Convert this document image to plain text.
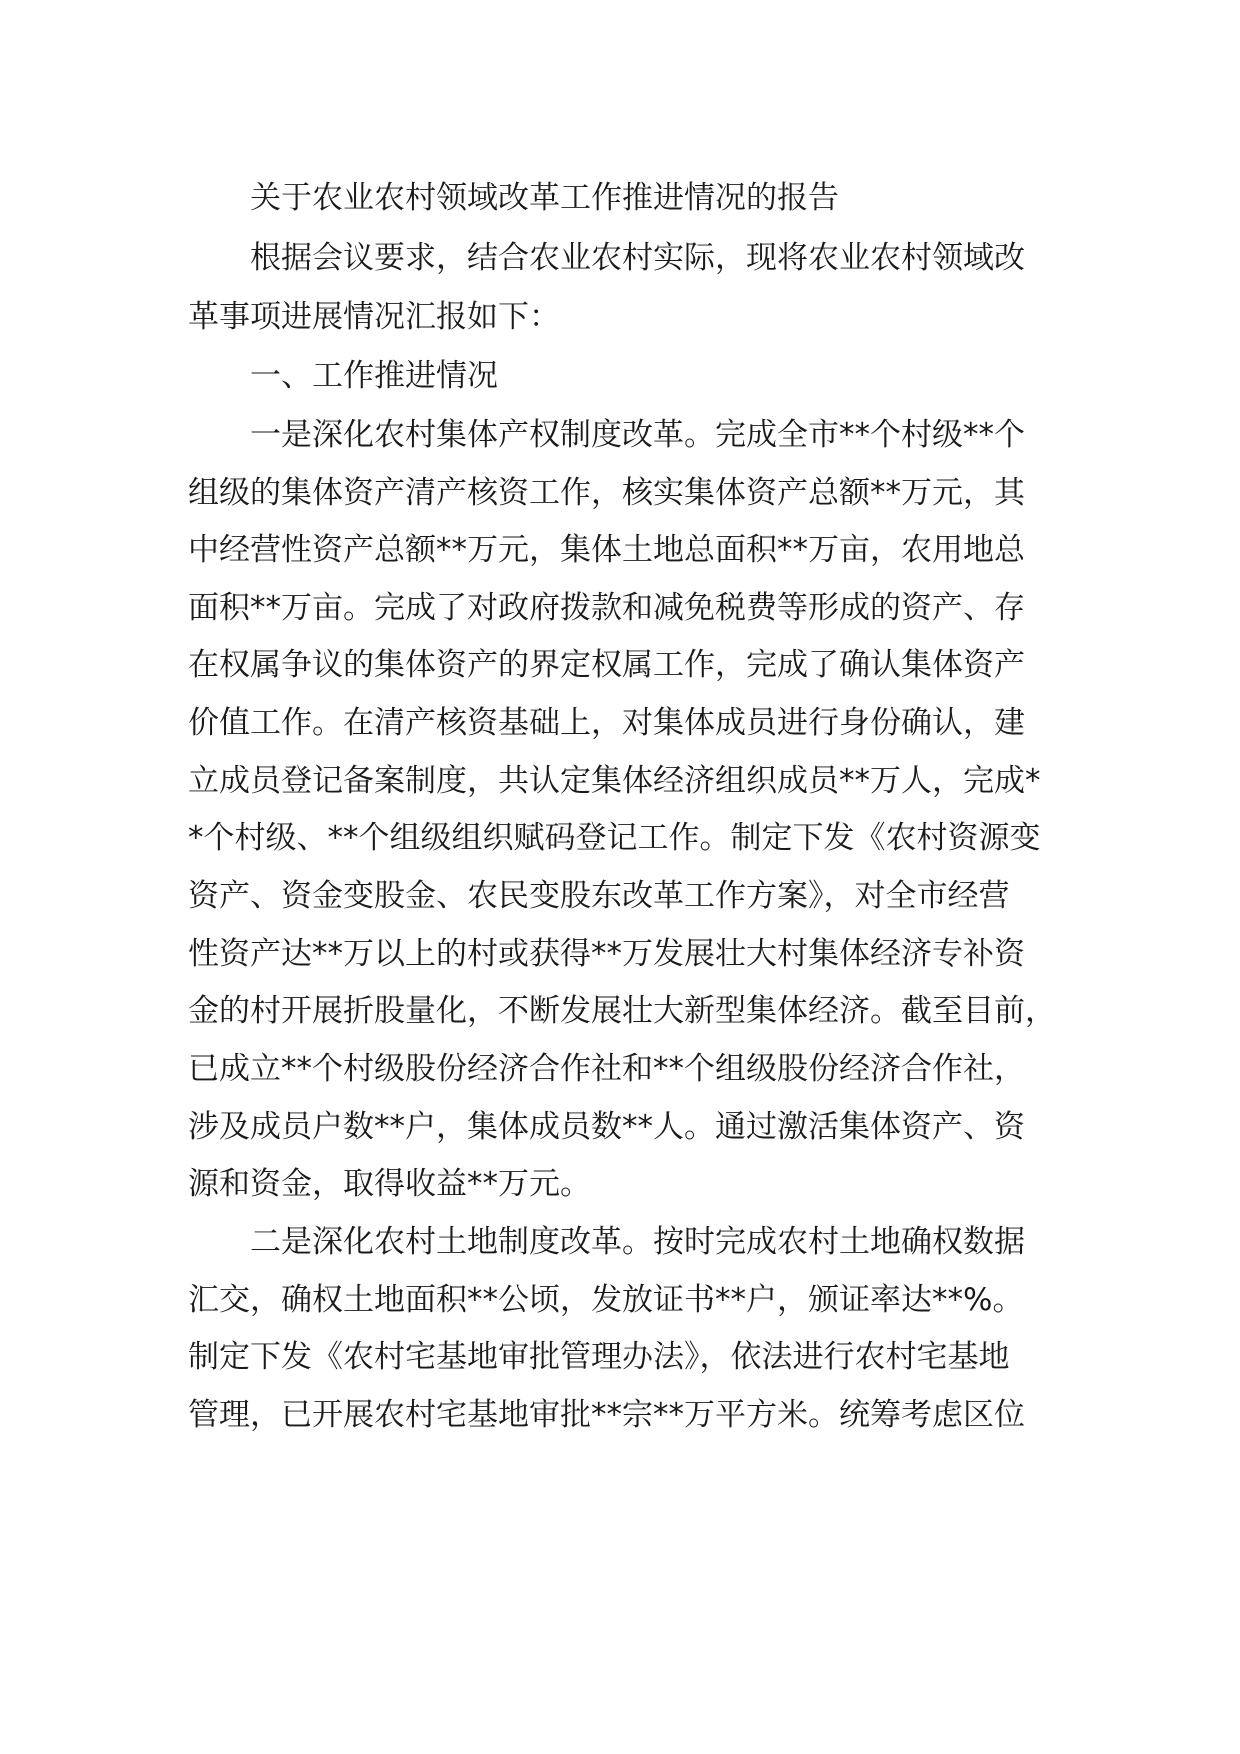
关于农业农村领域改革工作推进情况的报告
根据会议要求，结合农业农村实际，现将农业农村领域改
革事项进展情况汇报如下：
一、工作推进情况
一是深化农村集体产权制度改革。完成全市**个村级**个
组级的集体资产清产核资工作，核实集体资产总额**万元，其
中经营性资产总额**万元，集体土地总面积**万亩，农用地总
面积**万亩。完成了对政府拨款和减免税费等形成的资产、存
在权属争议的集体资产的界定权属工作，完成了确认集体资产
价值工作。在清产核资基础上，对集体成员进行身份确认，建
立成员登记备案制度，共认定集体经济组织成员**万人，完成*
*个村级、**个组级组织赋码登记工作。制定下发《农村资源变
资产、资金变股金、农民变股东改革工作方案》，对全市经营
性资产达**万以上的村或获得**万发展壮大村集体经济专补资
金的村开展折股量化，不断发展壮大新型集体经济。截至目前，
已成立**个村级股份经济合作社和**个组级股份经济合作社，
涉及成员户数**户，集体成员数**人。通过激活集体资产、资
源和资金，取得收益**万元。
二是深化农村土地制度改革。按时完成农村土地确权数据
汇交，确权土地面积**公顷，发放证书**户，颁证率达**%。
制定下发《农村宅基地审批管理办法》，依法进行农村宅基地
管理，已开展农村宅基地审批**宗**万平方米。统筹考虑区位
